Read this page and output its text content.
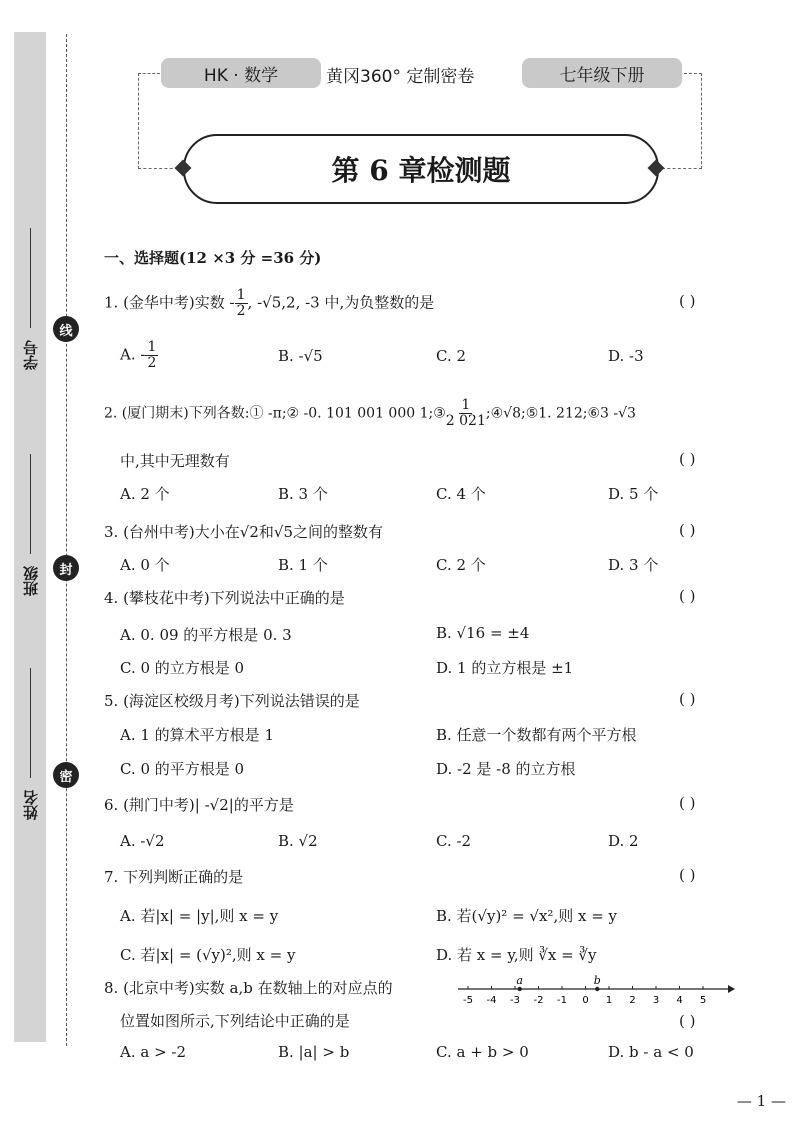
学号
班级
姓名
线
封
密
HK · 数学	黄冈360° 定制密卷	七年级下册
第 6 章检测题
一、选择题(12 ×3 分 =36 分)
1. (金华中考)实数 - $\frac{1}{2}$ , -√5,2, -3 中,为负整数的是	( )
A. - $\frac{1}{2}$	B. -√5	C. 2	D. -3
2. (厦门期末)下列各数:① -π;② -0. 101 001 000 1;③ $\frac{1}{2 021}$ ;④√8;⑤1. 212;⑥3 -√3
中,其中无理数有	( )
A. 2 个	B. 3 个	C. 4 个	D. 5 个
3. (台州中考)大小在√2和√5之间的整数有	( )
A. 0 个	B. 1 个	C. 2 个	D. 3 个
4. (攀枝花中考)下列说法中正确的是	( )
A. 0. 09 的平方根是 0. 3	B. √16 = ±4
C. 0 的立方根是 0	D. 1 的立方根是 ±1
5. (海淀区校级月考)下列说法错误的是	( )
A. 1 的算术平方根是 1	B. 任意一个数都有两个平方根
C. 0 的平方根是 0	D. -2 是 -8 的立方根
6. (荆门中考)| -√2|的平方是	( )
A. -√2	B. √2	C. -2	D. 2
7. 下列判断正确的是	( )
A. 若|x| = |y|,则 x = y	B. 若(√y)² = √x²,则 x = y
C. 若|x| = (√y)²,则 x = y	D. 若 x = y,则 ∛x = ∛y
8. (北京中考)实数 a,b 在数轴上的对应点的
位置如图所示,下列结论中正确的是	( )
A. a > -2	B. |a| > b	C. a + b > 0	D. b - a < 0
-5 -4 -3 -2 -1 0 1 2 3 4 5
a	b
— 1 —
